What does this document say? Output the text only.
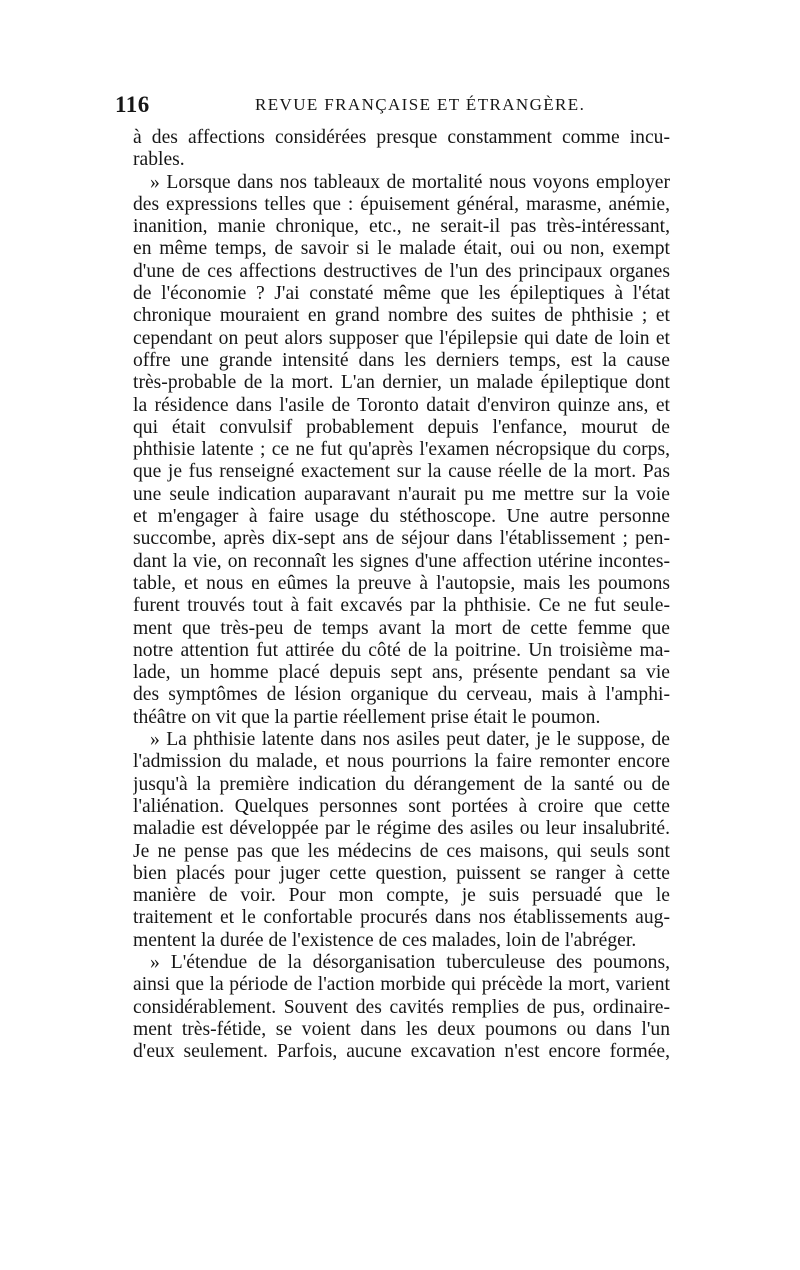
116	REVUE FRANÇAISE ET ÉTRANGÈRE.
à des affections considérées presque constamment comme incu-
rables.
» Lorsque dans nos tableaux de mortalité nous voyons employer
des expressions telles que : épuisement général, marasme, anémie,
inanition, manie chronique, etc., ne serait-il pas très-intéressant,
en même temps, de savoir si le malade était, oui ou non, exempt
d'une de ces affections destructives de l'un des principaux organes
de l'économie ? J'ai constaté même que les épileptiques à l'état
chronique mouraient en grand nombre des suites de phthisie ; et
cependant on peut alors supposer que l'épilepsie qui date de loin et
offre une grande intensité dans les derniers temps, est la cause
très-probable de la mort. L'an dernier, un malade épileptique dont
la résidence dans l'asile de Toronto datait d'environ quinze ans, et
qui était convulsif probablement depuis l'enfance, mourut de
phthisie latente ; ce ne fut qu'après l'examen nécropsique du corps,
que je fus renseigné exactement sur la cause réelle de la mort. Pas
une seule indication auparavant n'aurait pu me mettre sur la voie
et m'engager à faire usage du stéthoscope. Une autre personne
succombe, après dix-sept ans de séjour dans l'établissement ; pen-
dant la vie, on reconnaît les signes d'une affection utérine incontes-
table, et nous en eûmes la preuve à l'autopsie, mais les poumons
furent trouvés tout à fait excavés par la phthisie. Ce ne fut seule-
ment que très-peu de temps avant la mort de cette femme que
notre attention fut attirée du côté de la poitrine. Un troisième ma-
lade, un homme placé depuis sept ans, présente pendant sa vie
des symptômes de lésion organique du cerveau, mais à l'amphi-
théâtre on vit que la partie réellement prise était le poumon.
» La phthisie latente dans nos asiles peut dater, je le suppose, de
l'admission du malade, et nous pourrions la faire remonter encore
jusqu'à la première indication du dérangement de la santé ou de
l'aliénation. Quelques personnes sont portées à croire que cette
maladie est développée par le régime des asiles ou leur insalubrité.
Je ne pense pas que les médecins de ces maisons, qui seuls sont
bien placés pour juger cette question, puissent se ranger à cette
manière de voir. Pour mon compte, je suis persuadé que le
traitement et le confortable procurés dans nos établissements aug-
mentent la durée de l'existence de ces malades, loin de l'abréger.
» L'étendue de la désorganisation tuberculeuse des poumons,
ainsi que la période de l'action morbide qui précède la mort, varient
considérablement. Souvent des cavités remplies de pus, ordinaire-
ment très-fétide, se voient dans les deux poumons ou dans l'un
d'eux seulement. Parfois, aucune excavation n'est encore formée,
